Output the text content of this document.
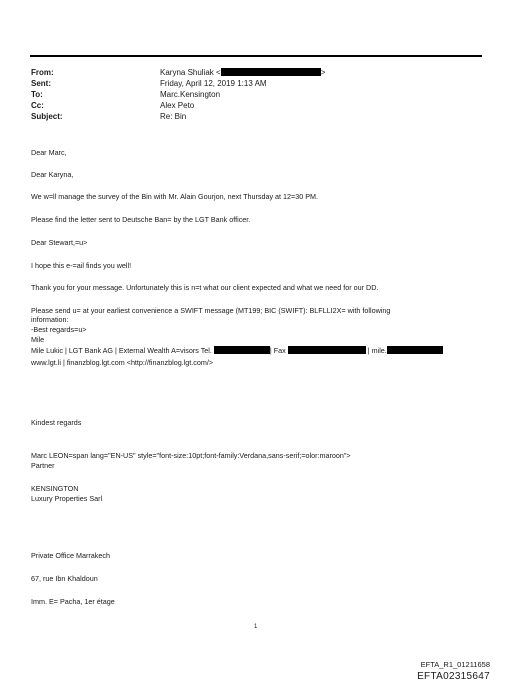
From:	Karyna Shuliak <	>
Sent:	Friday, April 12, 2019 1:13 AM
To:	Marc.Kensington
Cc:	Alex Peto
Subject:	Re: Bin
Dear Marc,
Dear Karyna,
We w=ll manage the survey of the Bin with Mr. Alain Gourjon, next Thursday at 12=30 PM.
Please find the letter sent to Deutsche Ban= by the LGT Bank officer.
Dear Stewart,=u>
I hope this e-=ail finds you well!
Thank you for your message. Unfortunately this is n=t what our client expected and what we need for our DD.
Please send u= at your earliest convenience a SWIFT message (MT199; BIC (SWIFT): BLFLLI2X= with following
information:
-Best regards=u>
Mile
Mile Lukic | LGT Bank AG | External Wealth A=visors Tel.	| Fax	| mile.
www.lgt.li | finanzblog.lgt.com <http://finanzblog.lgt.com/>
Kindest regards
Marc LEON=span lang="EN-US" style="font-size:10pt;font-family:Verdana,sans-serif;=olor:maroon">
Partner
KENSINGTON
Luxury Properties Sarl
Private Office Marrakech
67, rue Ibn Khaldoun
Imm. E= Pacha, 1er étage
1
EFTA_R1_01211658
EFTA02315647
